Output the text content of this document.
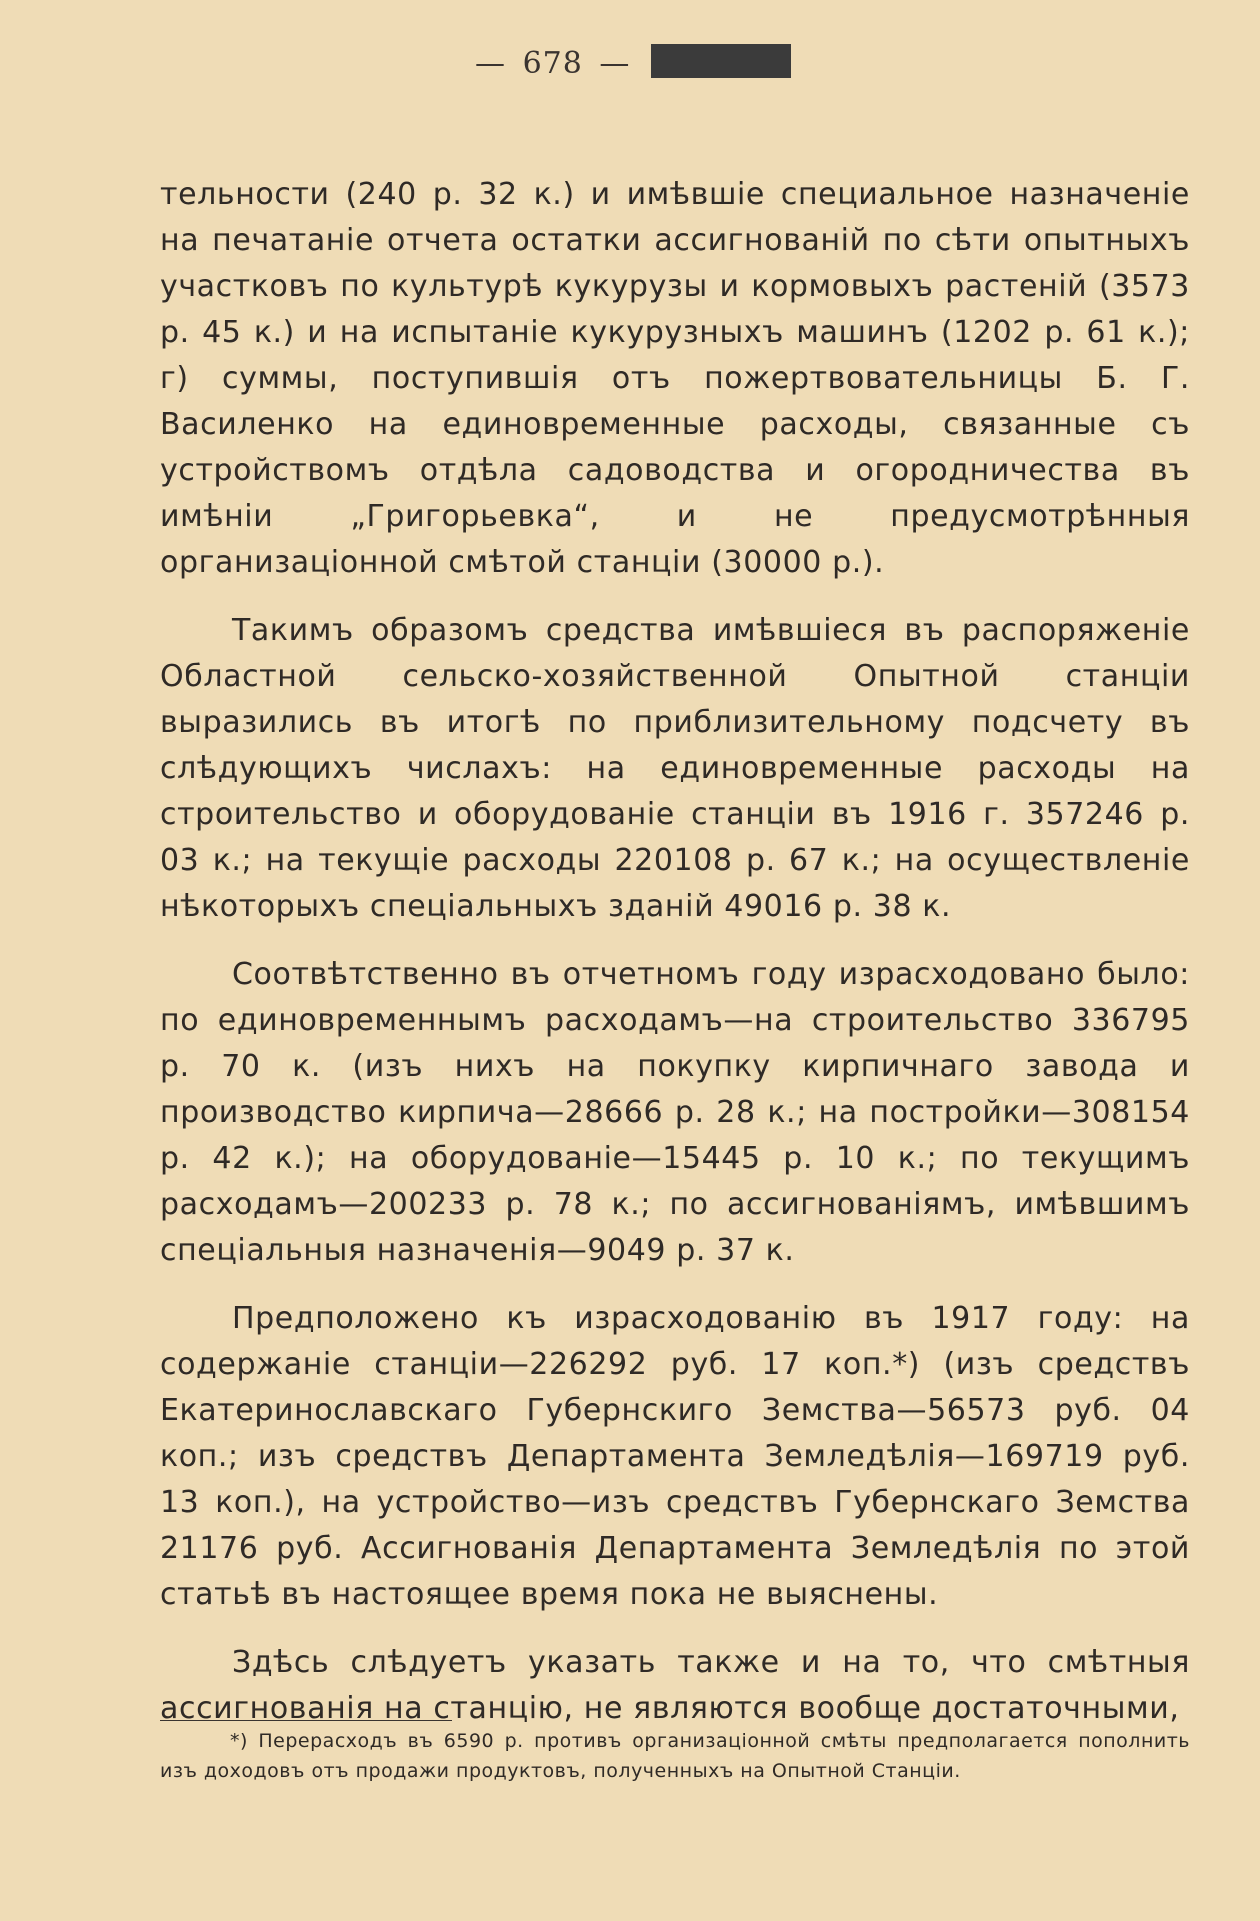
— 678 —

тельности (240 р. 32 к.) и имѣвшiе специальное назначенiе на печатанiе отчета остатки ассигнованiй по сѣти опытныхъ участковъ по культурѣ кукурузы и кормовыхъ растенiй (3573 р. 45 к.) и на испытанiе кукурузныхъ машинъ (1202 р. 61 к.); г) суммы, поступившiя отъ пожертвовательницы Б. Г. Василенко на единовременные расходы, связанные съ устройствомъ отдѣла садоводства и огородничества въ имѣнiи „Григорьевка“, и не предусмотрѣнныя организацiонной смѣтой станцiи (30000 р.).

Такимъ образомъ средства имѣвшiеся въ распоряженiе Областной сельско-хозяйственной Опытной станцiи выразились въ итогѣ по приблизительному подсчету въ слѣдующихъ числахъ: на единовременные расходы на строительство и оборудованiе станцiи въ 1916 г. 357246 р. 03 к.; на текущiе расходы 220108 р. 67 к.; на осуществленiе нѣкоторыхъ спецiальныхъ зданiй 49016 р. 38 к.

Соотвѣтственно въ отчетномъ году израсходовано было: по единовременнымъ расходамъ—на строительство 336795 р. 70 к. (изъ нихъ на покупку кирпичнаго завода и производство кирпича—28666 р. 28 к.; на постройки—308154 р. 42 к.); на оборудованiе—15445 р. 10 к.; по текущимъ расходамъ—200233 р. 78 к.; по ассигнованiямъ, имѣвшимъ спецiальныя назначенiя—9049 р. 37 к.

Предположено къ израсходованiю въ 1917 году: на содержанiе станцiи—226292 руб. 17 коп.*) (изъ средствъ Екатеринославскаго Губернскиго Земства—56573 руб. 04 коп.; изъ средствъ Департамента Земледѣлiя—169719 руб. 13 коп.), на устройство—изъ средствъ Губернскаго Земства 21176 руб. Ассигнованiя Департамента Земледѣлiя по этой статьѣ въ настоящее время пока не выяснены.

Здѣсь слѣдуетъ указать также и на то, что смѣтныя ассигнованiя на станцiю, не являются вообще достаточными,

*) Перерасходъ въ 6590 р. противъ организацiонной смѣты предполагается пополнить изъ доходовъ отъ продажи продуктовъ, полученныхъ на Опытной Станцiи.
